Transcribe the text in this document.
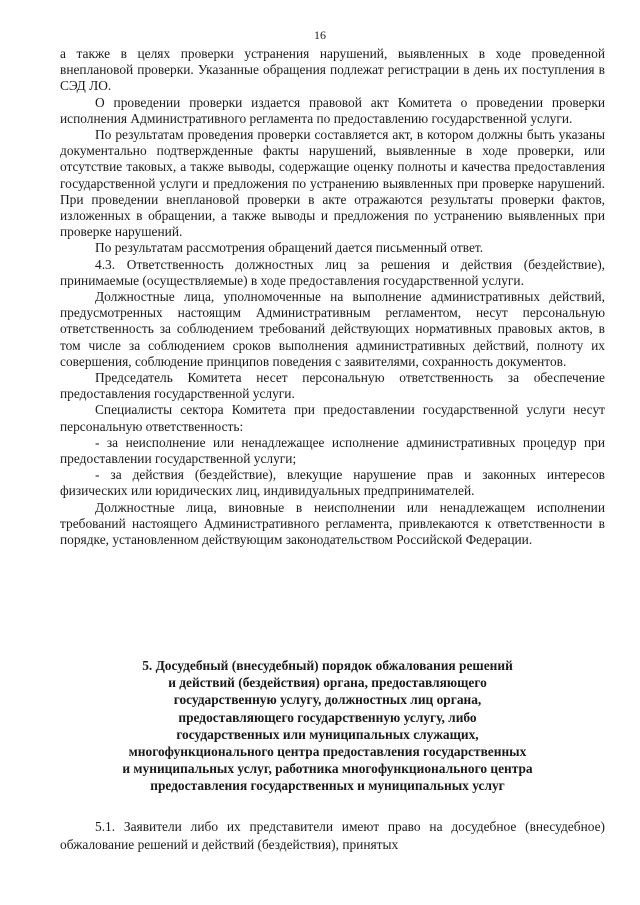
16

а также в целях проверки устранения нарушений, выявленных в ходе проведенной внеплановой проверки. Указанные обращения подлежат регистрации в день их поступления в СЭД ЛО.

О проведении проверки издается правовой акт Комитета о проведении проверки исполнения Административного регламента по предоставлению государственной услуги.

По результатам проведения проверки составляется акт, в котором должны быть указаны документально подтвержденные факты нарушений, выявленные в ходе проверки, или отсутствие таковых, а также выводы, содержащие оценку полноты и качества предоставления государственной услуги и предложения по устранению выявленных при проверке нарушений. При проведении внеплановой проверки в акте отражаются результаты проверки фактов, изложенных в обращении, а также выводы и предложения по устранению выявленных при проверке нарушений.

По результатам рассмотрения обращений дается письменный ответ.

4.3. Ответственность должностных лиц за решения и действия (бездействие), принимаемые (осуществляемые) в ходе предоставления государственной услуги.

Должностные лица, уполномоченные на выполнение административных действий, предусмотренных настоящим Административным регламентом, несут персональную ответственность за соблюдением требований действующих нормативных правовых актов, в том числе за соблюдением сроков выполнения административных действий, полноту их совершения, соблюдение принципов поведения с заявителями, сохранность документов.

Председатель Комитета несет персональную ответственность за обеспечение предоставления государственной услуги.

Специалисты сектора Комитета при предоставлении государственной услуги несут персональную ответственность:

- за неисполнение или ненадлежащее исполнение административных процедур при предоставлении государственной услуги;

- за действия (бездействие), влекущие нарушение прав и законных интересов физических или юридических лиц, индивидуальных предпринимателей.

Должностные лица, виновные в неисполнении или ненадлежащем исполнении требований настоящего Административного регламента, привлекаются к ответственности в порядке, установленном действующим законодательством Российской Федерации.

5. Досудебный (внесудебный) порядок обжалования решений
и действий (бездействия) органа, предоставляющего
государственную услугу, должностных лиц органа,
предоставляющего государственную услугу, либо
государственных или муниципальных служащих,
многофункционального центра предоставления государственных
и муниципальных услуг, работника многофункционального центра
предоставления государственных и муниципальных услуг

5.1. Заявители либо их представители имеют право на досудебное (внесудебное) обжалование решений и действий (бездействия), принятых
